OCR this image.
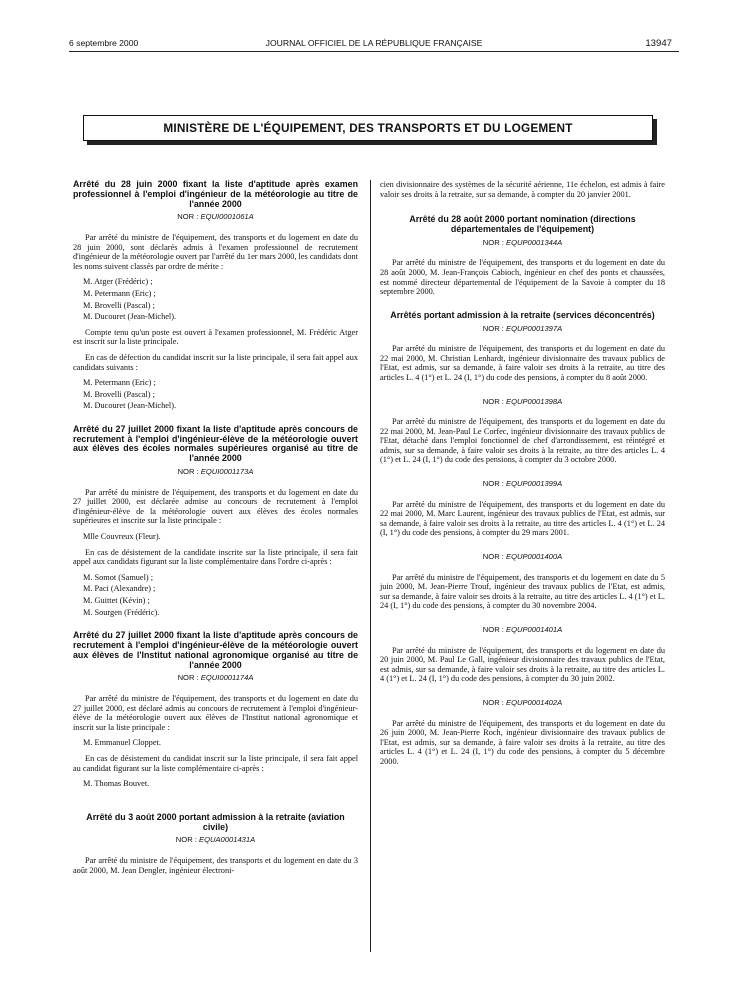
6 septembre 2000	JOURNAL OFFICIEL DE LA RÉPUBLIQUE FRANÇAISE	13947
MINISTÈRE DE L'ÉQUIPEMENT, DES TRANSPORTS ET DU LOGEMENT
Arrêté du 28 juin 2000 fixant la liste d'aptitude après examen professionnel à l'emploi d'ingénieur de la météorologie au titre de l'année 2000
NOR : EQUI0001061A

Par arrêté du ministre de l'équipement, des transports et du logement en date du 28 juin 2000, sont déclarés admis à l'examen professionnel de recrutement d'ingénieur de la météorologie ouvert par l'arrêté du 1er mars 2000, les candidats dont les noms suivent classés par ordre de mérite :

M. Atger (Frédéric) ;
M. Petermann (Eric) ;
M. Brovelli (Pascal) ;
M. Ducouret (Jean-Michel).

Compte tenu qu'un poste est ouvert à l'examen professionnel, M. Frédéric Atger est inscrit sur la liste principale.

En cas de défection du candidat inscrit sur la liste principale, il sera fait appel aux candidats suivants :

M. Petermann (Eric) ;
M. Brovelli (Pascal) ;
M. Ducouret (Jean-Michel).
Arrêté du 27 juillet 2000 fixant la liste d'aptitude après concours de recrutement à l'emploi d'ingénieur-élève de la météorologie ouvert aux élèves des écoles normales supérieures organisé au titre de l'année 2000
NOR : EQUI0001173A

Par arrêté du ministre de l'équipement, des transports et du logement en date du 27 juillet 2000, est déclarée admise au concours de recrutement à l'emploi d'ingénieur-élève de la météorologie ouvert aux élèves des écoles normales supérieures et inscrite sur la liste principale :

Mlle Couvreux (Fleur).

En cas de désistement de la candidate inscrite sur la liste principale, il sera fait appel aux candidats figurant sur la liste complémentaire dans l'ordre ci-après :

M. Somot (Samuel) ;
M. Paci (Alexandre) ;
M. Guittet (Kévin) ;
M. Sourgen (Frédéric).
Arrêté du 27 juillet 2000 fixant la liste d'aptitude après concours de recrutement à l'emploi d'ingénieur-élève de la météorologie ouvert aux élèves de l'Institut national agronomique organisé au titre de l'année 2000
NOR : EQUI0001174A

Par arrêté du ministre de l'équipement, des transports et du logement en date du 27 juillet 2000, est déclaré admis au concours de recrutement à l'emploi d'ingénieur-élève de la météorologie ouvert aux élèves de l'Institut national agronomique et inscrit sur la liste principale :

M. Emmanuel Cloppet.

En cas de désistement du candidat inscrit sur la liste principale, il sera fait appel au candidat figurant sur la liste complémentaire ci-après :

M. Thomas Bouvet.
Arrêté du 3 août 2000 portant admission à la retraite (aviation civile)
NOR : EQUA0001431A

Par arrêté du ministre de l'équipement, des transports et du logement en date du 3 août 2000, M. Jean Dengler, ingénieur électroni-

cien divisionnaire des systèmes de la sécurité aérienne, 11e échelon, est admis à faire valoir ses droits à la retraite, sur sa demande, à compter du 20 janvier 2001.

Arrêté du 28 août 2000 portant nomination (directions départementales de l'équipement)
NOR : EQUP0001344A

Par arrêté du ministre de l'équipement, des transports et du logement en date du 28 août 2000, M. Jean-François Cabioch, ingénieur en chef des ponts et chaussées, est nommé directeur départemental de l'équipement de la Savoie à compter du 18 septembre 2000.

Arrêtés portant admission à la retraite (services déconcentrés)
NOR : EQUP0001397A

Par arrêté du ministre de l'équipement, des transports et du logement en date du 22 mai 2000, M. Christian Lenhardt, ingénieur divisionnaire des travaux publics de l'Etat, est admis, sur sa demande, à faire valoir ses droits à la retraite, au titre des articles L. 4 (1°) et L. 24 (I, 1°) du code des pensions, à compter du 8 août 2000.

NOR : EQUP0001398A

Par arrêté du ministre de l'équipement, des transports et du logement en date du 22 mai 2000, M. Jean-Paul Le Corfec, ingénieur divisionnaire des travaux publics de l'Etat, détaché dans l'emploi fonctionnel de chef d'arrondissement, est réintégré et admis, sur sa demande, à faire valoir ses droits à la retraite, au titre des articles L. 4 (1°) et L. 24 (I, 1°) du code des pensions, à compter du 3 octobre 2000.

NOR : EQUP0001399A

Par arrêté du ministre de l'équipement, des transports et du logement en date du 22 mai 2000, M. Marc Laurent, ingénieur des travaux publics de l'Etat, est admis, sur sa demande, à faire valoir ses droits à la retraite, au titre des articles L. 4 (1°) et L. 24 (I, 1°) du code des pensions, à compter du 29 mars 2001.

NOR : EQUP0001400A

Par arrêté du ministre de l'équipement, des transports et du logement en date du 5 juin 2000, M. Jean-Pierre Trouf, ingénieur des travaux publics de l'Etat, est admis, sur sa demande, à faire valoir ses droits à la retraite, au titre des articles L. 4 (1°) et L. 24 (I, 1°) du code des pensions, à compter du 30 novembre 2004.

NOR : EQUP0001401A

Par arrêté du ministre de l'équipement, des transports et du logement en date du 20 juin 2000, M. Paul Le Gall, ingénieur divisionnaire des travaux publics de l'Etat, est admis, sur sa demande, à faire valoir ses droits à la retraite, au titre des articles L. 4 (1°) et L. 24 (I, 1°) du code des pensions, à compter du 30 juin 2002.

NOR : EQUP0001402A

Par arrêté du ministre de l'équipement, des transports et du logement en date du 26 juin 2000, M. Jean-Pierre Roch, ingénieur divisionnaire des travaux publics de l'Etat, est admis, sur sa demande, à faire valoir ses droits à la retraite, au titre des articles L. 4 (1°) et L. 24 (I, 1°) du code des pensions, à compter du 5 décembre 2000.
